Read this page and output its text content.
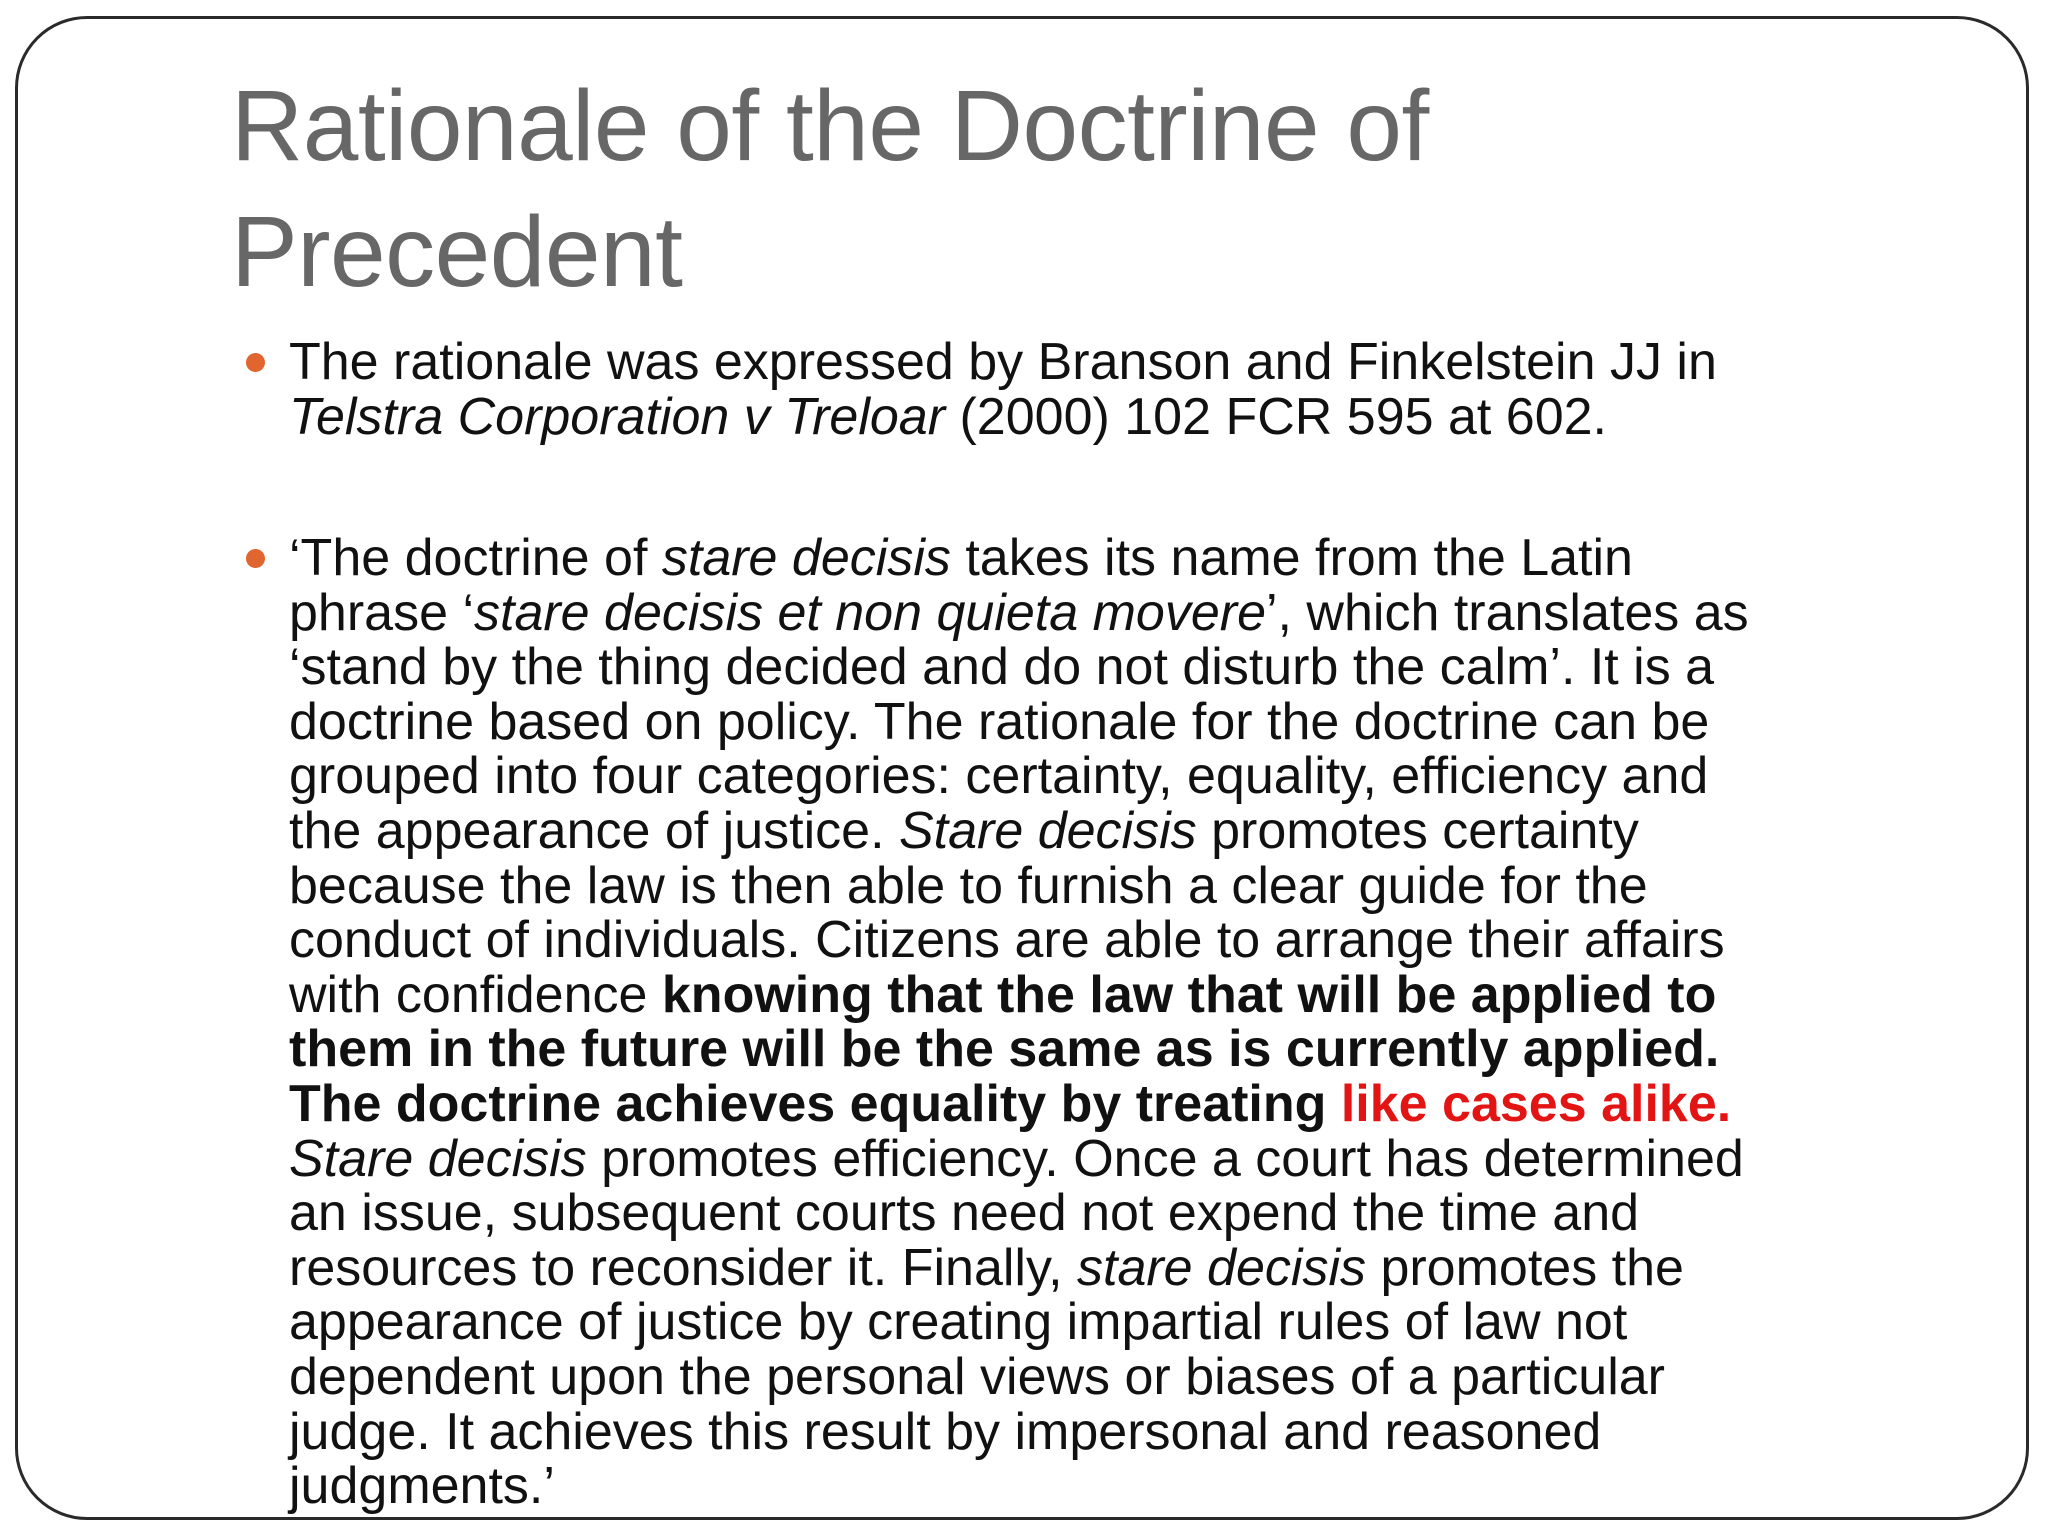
Rationale of the Doctrine of
Precedent
The rationale was expressed by Branson and Finkelstein JJ in
Telstra Corporation v Treloar (2000) 102 FCR 595 at 602.
‘The doctrine of stare decisis takes its name from the Latin
phrase ‘stare decisis et non quieta movere’, which translates as
‘stand by the thing decided and do not disturb the calm’. It is a
doctrine based on policy. The rationale for the doctrine can be
grouped into four categories: certainty, equality, efficiency and
the appearance of justice. Stare decisis promotes certainty
because the law is then able to furnish a clear guide for the
conduct of individuals. Citizens are able to arrange their affairs
with confidence knowing that the law that will be applied to
them in the future will be the same as is currently applied.
The doctrine achieves equality by treating like cases alike.
Stare decisis promotes efficiency. Once a court has determined
an issue, subsequent courts need not expend the time and
resources to reconsider it. Finally, stare decisis promotes the
appearance of justice by creating impartial rules of law not
dependent upon the personal views or biases of a particular
judge. It achieves this result by impersonal and reasoned
judgments.’
